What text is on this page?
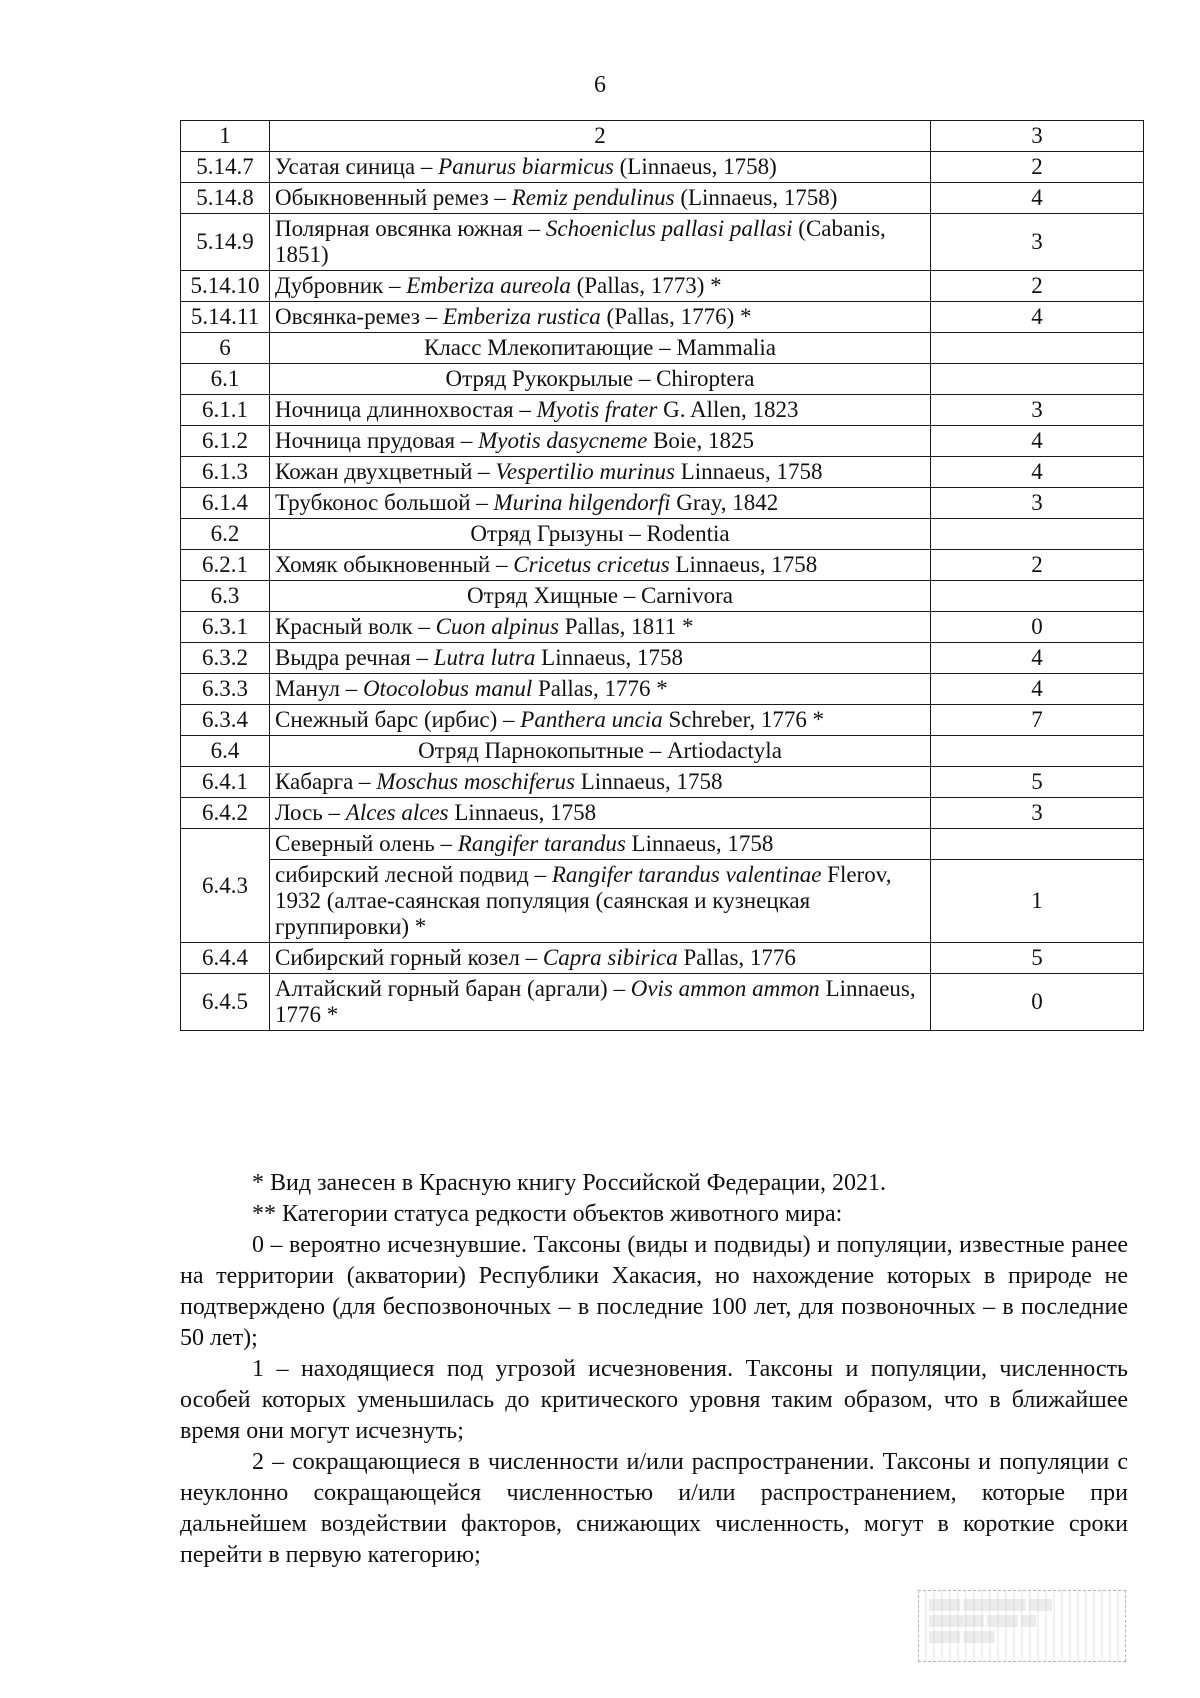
6
1	2	3
5.14.7	Усатая синица – Panurus biarmicus (Linnaeus, 1758)	2
5.14.8	Обыкновенный ремез – Remiz pendulinus (Linnaeus, 1758)	4
5.14.9	Полярная овсянка южная – Schoeniclus pallasi pallasi (Cabanis, 1851)	3
5.14.10	Дубровник – Emberiza aureola (Pallas, 1773) *	2
5.14.11	Овсянка-ремез – Emberiza rustica (Pallas, 1776) *	4
6	Класс Млекопитающие – Mammalia	
6.1	Отряд Рукокрылые – Chiroptera	
6.1.1	Ночница длиннохвостая – Myotis frater G. Allen, 1823	3
6.1.2	Ночница прудовая – Myotis dasycneme Boie, 1825	4
6.1.3	Кожан двухцветный – Vespertilio murinus Linnaeus, 1758	4
6.1.4	Трубконос большой – Murina hilgendorfi Gray, 1842	3
6.2	Отряд Грызуны – Rodentia	
6.2.1	Хомяк обыкновенный – Cricetus cricetus Linnaeus, 1758	2
6.3	Отряд Хищные – Carnivora	
6.3.1	Красный волк – Cuon alpinus Pallas, 1811 *	0
6.3.2	Выдра речная – Lutra lutra Linnaeus, 1758	4
6.3.3	Манул – Otocolobus manul Pallas, 1776 *	4
6.3.4	Снежный барс (ирбис) – Panthera uncia Schreber, 1776 *	7
6.4	Отряд Парнокопытные – Artiodactyla	
6.4.1	Кабарга – Moschus moschiferus Linnaeus, 1758	5
6.4.2	Лось – Alces alces Linnaeus, 1758	3
6.4.3	Северный олень – Rangifer tarandus Linnaeus, 1758	
	сибирский лесной подвид – Rangifer tarandus valentinae Flerov, 1932 (алтае-саянская популяция (саянская и кузнецкая группировки) *	1
6.4.4	Сибирский горный козел – Capra sibirica Pallas, 1776	5
6.4.5	Алтайский горный баран (аргали) – Ovis ammon ammon Linnaeus, 1776 *	0

* Вид занесен в Красную книгу Российской Федерации, 2021.

** Категории статуса редкости объектов животного мира:

0 – вероятно исчезнувшие. Таксоны (виды и подвиды) и популяции, известные ранее на территории (акватории) Республики Хакасия, но нахождение которых в природе не подтверждено (для беспозвоночных – в последние 100 лет, для позвоночных – в последние 50 лет);

1 – находящиеся под угрозой исчезновения. Таксоны и популяции, численность особей которых уменьшилась до критического уровня таким образом, что в ближайшее время они могут исчезнуть;

2 – сокращающиеся в численности и/или распространении. Таксоны и популяции с неуклонно сокращающейся численностью и/или распространением, которые при дальнейшем воздействии факторов, снижающих численность, могут в короткие сроки перейти в первую категорию;

▒▒▒▒ ▒▒▒▒▒▒▒▒ ▒▒▒
▒▒▒▒▒▒▒ ▒▒▒▒ ▒▒
▒▒▒▒ ▒▒▒▒
